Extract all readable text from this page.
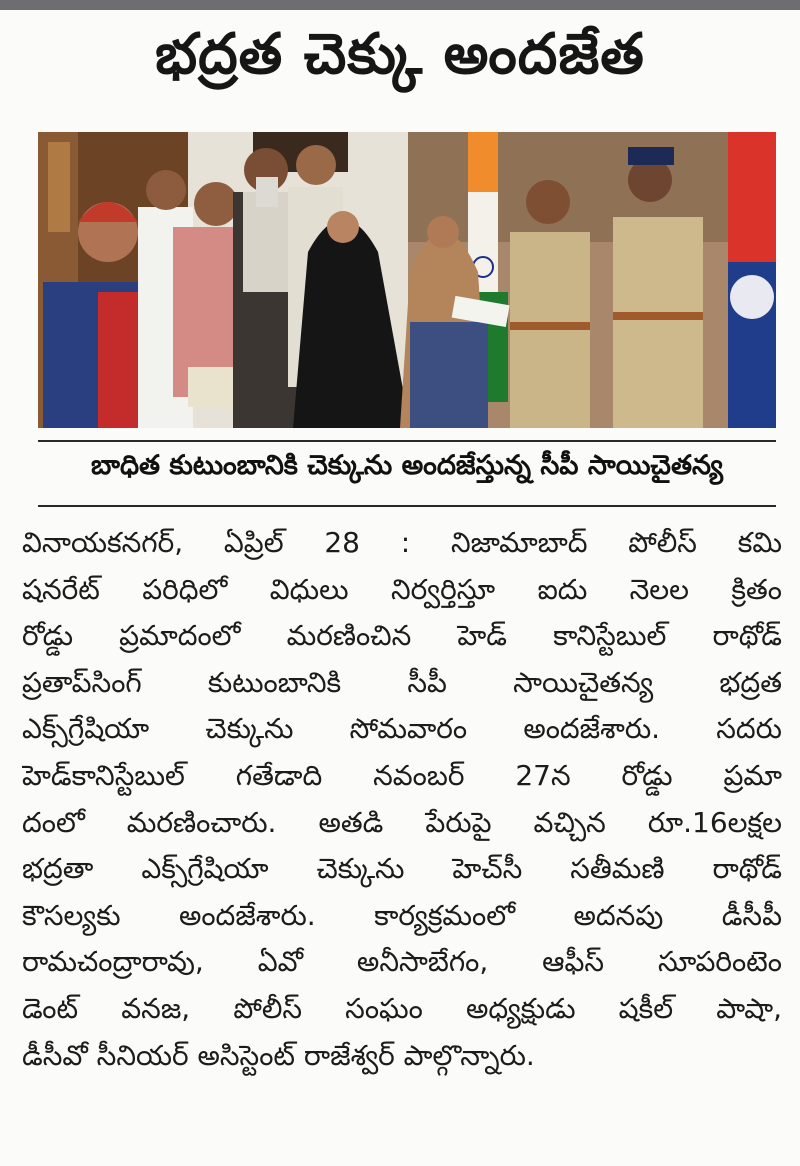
భద్రత చెక్కు అందజేత
బాధిత కుటుంబానికి చెక్కును అందజేస్తున్న సీపీ సాయిచైతన్య
వినాయకనగర్, ఏప్రిల్ 28 : నిజామాబాద్ పోలీస్ కమి
షనరేట్ పరిధిలో విధులు నిర్వర్తిస్తూ ఐదు నెలల క్రితం
రోడ్డు ప్రమాదంలో మరణించిన హెడ్ కానిస్టేబుల్ రాథోడ్
ప్రతాప్‌సింగ్ కుటుంబానికి సీపీ సాయిచైతన్య భద్రత
ఎక్స్‌గ్రేషియా చెక్కును సోమవారం అందజేశారు. సదరు
హెడ్‌కానిస్టేబుల్ గతేడాది నవంబర్ 27న రోడ్డు ప్రమా
దంలో మరణించారు. అతడి పేరుపై వచ్చిన రూ.16లక్షల
భద్రతా ఎక్స్‌గ్రేషియా చెక్కును హెచ్‌సీ సతీమణి రాథోడ్
కౌసల్యకు అందజేశారు. కార్యక్రమంలో అదనపు డీసీపీ
రామచంద్రారావు, ఏవో అనీసాబేగం, ఆఫీస్ సూపరింటెం
డెంట్ వనజ, పోలీస్ సంఘం అధ్యక్షుడు షకీల్ పాషా,
డీసీవో సీనియర్ అసిస్టెంట్ రాజేశ్వర్ పాల్గొన్నారు.
